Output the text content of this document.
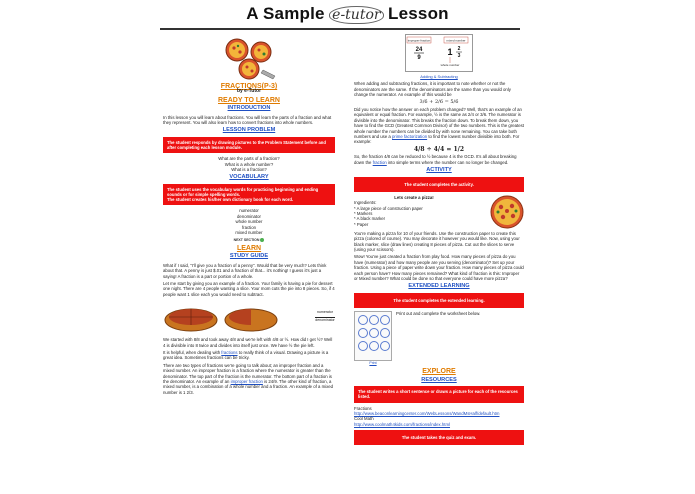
A Sample e-tutor Lesson
FRACTIONS(P-3)
by e-Tutor
READY TO LEARN
INTRODUCTION

In this lesson you will learn about fractions. You will learn the parts of a fraction and what they represent. You will also learn how to convert fractions into whole numbers.

LESSON PROBLEM
The student responds by drawing pictures to the Problem Statement before and after completing each lesson module.
What are the parts of a fraction?
What is a whole number?
What is a fraction?
VOCABULARY
The student uses the vocabulary words for practicing beginning and ending sounds or for simple spelling words.
The student creates his/her own dictionary book for each word.
numerator
denominator
whole number
fraction
mixed number
NEXT SECTION
LEARN
STUDY GUIDE

What if I said, "I'll give you a fraction of a penny". Would that be very much? Lets think about that. A penny is just $.01 and a fraction of that... it's nothing! I guess it's just a saying! A fraction is a part or portion of a whole.

Let me start by giving you an example of a fraction. Your family is having a pie for dessert one night. There are 4 people wanting a slice. Your mom cuts the pie into 8 pieces. So, if 4 people want 1 slice each you would need to subtract.

numerator
denominator

We started with 8/8 and took away 4/8 and we're left with 4/8 or ½. How did I get ½? Well 4 is divisible into 8 twice and divides into itself just once. We have ½ the pie left.

It is helpful, when dealing with fractions to really think of a visual. Drawing a picture is a great idea. Sometimes fractions can be tricky.

There are two types of fractions we're going to talk about; an improper fraction and a mixed number. An improper fraction is a fraction where the numerator is greater than the denominator. The top part of the fraction is the numerator. The bottom part of a fraction is the denominator. An example of an improper fraction is 24/9. The other kind of fraction, a mixed number, is a combination of a whole number and a fraction. An example of a mixed number is 1 2/3.

improper fraction	mixed number
24
9
1 2
3
whole number
Adding & Subtracting

When adding and subtracting fractions, it is important to note whether or not the denominators are the same. If the denominators are the same than you would only change the numerator. An example of this would be

3/6 + 2/6 = 5/6

Did you notice how the answer on each problem changed? Well, that's an example of an equivalent or equal fraction. For example, ½ is the same as 2/4 or 3/6. The numerator is divisible into the denominator. This breaks the fraction down. To break them down, you have to find the GCD (Greatest Common Divisor) of the two numbers. This is the greatest whole number the numbers can be divided by with none remaining. You can take both numbers and use a prime factorization to find the lowest number divisible into both. For example:

4/8 ÷ 4/4 = 1/2

So, the fraction 4/8 can be reduced to ½ because 4 is the GCD. It's all about breaking down the fraction into simple terms where the number can no longer be changed.

ACTIVITY
The student completes the activity.
Lets create a pizza!
Ingredients:
* A large piece of construction paper
* Markers
* A black marker
* Paper

You're making a pizza for 10 of your friends. Use the construction paper to create this pizza (colored of course). You may decorate it however you would like. Now, using your black marker, slice (draw lines) creating 8 pieces of pizza. Cut out the slices to serve (using your scissors).

Wow! You've just created a fraction from play food. How many pieces of pizza do you have (numerator) and how many people are you serving (denominator)? Set up your fraction. Using a piece of paper write down your fraction. How many pieces of pizza could each person have? How many pieces remained? What kind of fraction is this: Improper or Mixed number? What could be done so that everyone could have more pizza?

EXTENDED LEARNING
The student completes the extended learning.
Print
Print out and complete the worksheet below.
EXPLORE
RESOURCES
The student writes a short sentence or draws a picture for each of the resources listed.
Fractions
http://www.beaconlearningcenter.com/WebLessons/WandMsHalf/default.htm
Cool Math
http://www.coolmath4kids.com/fractions/index.html
The student takes the quiz and exam.
